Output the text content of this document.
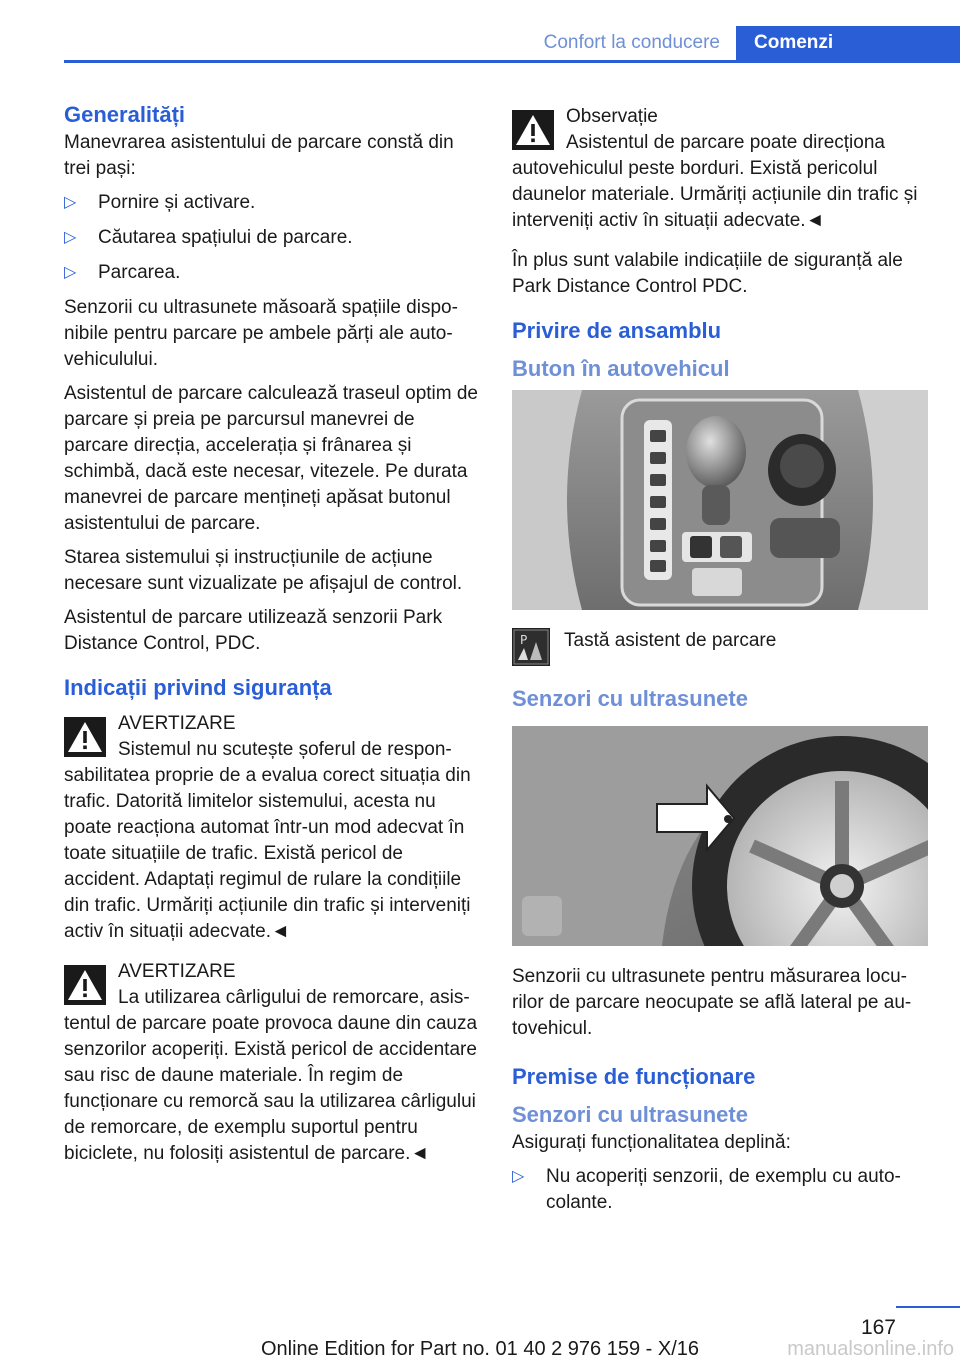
Confort la conducere	Comenzi
Generalități

Manevrarea asistentului de parcare constă din trei pași:

▷ Pornire și activare.
▷ Căutarea spațiului de parcare.
▷ Parcarea.

Senzorii cu ultrasunete măsoară spațiile disponibile pentru parcare pe ambele părți ale autovehiculului.

Asistentul de parcare calculează traseul optim de parcare și preia pe parcursul manevrei de parcare direcția, accelerația și frânarea și schimbă, dacă este necesar, vitezele. Pe durata manevrei de parcare mențineți apăsat butonul asistentului de parcare.

Starea sistemului și instrucțiunile de acțiune necesare sunt vizualizate pe afișajul de control.

Asistentul de parcare utilizează senzorii Park Distance Control, PDC.

Indicații privind siguranța
AVERTIZARE
Sistemul nu scutește șoferul de responsabilitatea proprie de a evalua corect situația din trafic. Datorită limitelor sistemului, acesta nu poate reacționa automat într-un mod adecvat în toate situațiile de trafic. Există pericol de accident. Adaptați regimul de rulare la condițiile din trafic. Urmăriți acțiunile din trafic și interveniți activ în situații adecvate.◄
AVERTIZARE
La utilizarea cârligului de remorcare, asistentul de parcare poate provoca daune din cauza senzorilor acoperiți. Există pericol de accidentare sau risc de daune materiale. În regim de funcționare cu remorcă sau la utilizarea cârligului de remorcare, de exemplu suportul pentru biciclete, nu folosiți asistentul de parcare.◄
Observație
Asistentul de parcare poate direcționa autovehiculul peste borduri. Există pericolul daunelor materiale. Urmăriți acțiunile din trafic și interveniți activ în situații adecvate.◄

În plus sunt valabile indicațiile de siguranță ale Park Distance Control PDC.

Privire de ansamblu
Buton în autovehicul
P Tastă asistent de parcare
Senzori cu ultrasunete

Senzorii cu ultrasunete pentru măsurarea locurilor de parcare neocupate se află lateral pe autovehicul.

Premise de funcționare
Senzori cu ultrasunete

Asigurați funcționalitatea deplină:

▷ Nu acoperiți senzorii, de exemplu cu autocolante.
167
Online Edition for Part no. 01 40 2 976 159 - X/16	manualsonline.info
